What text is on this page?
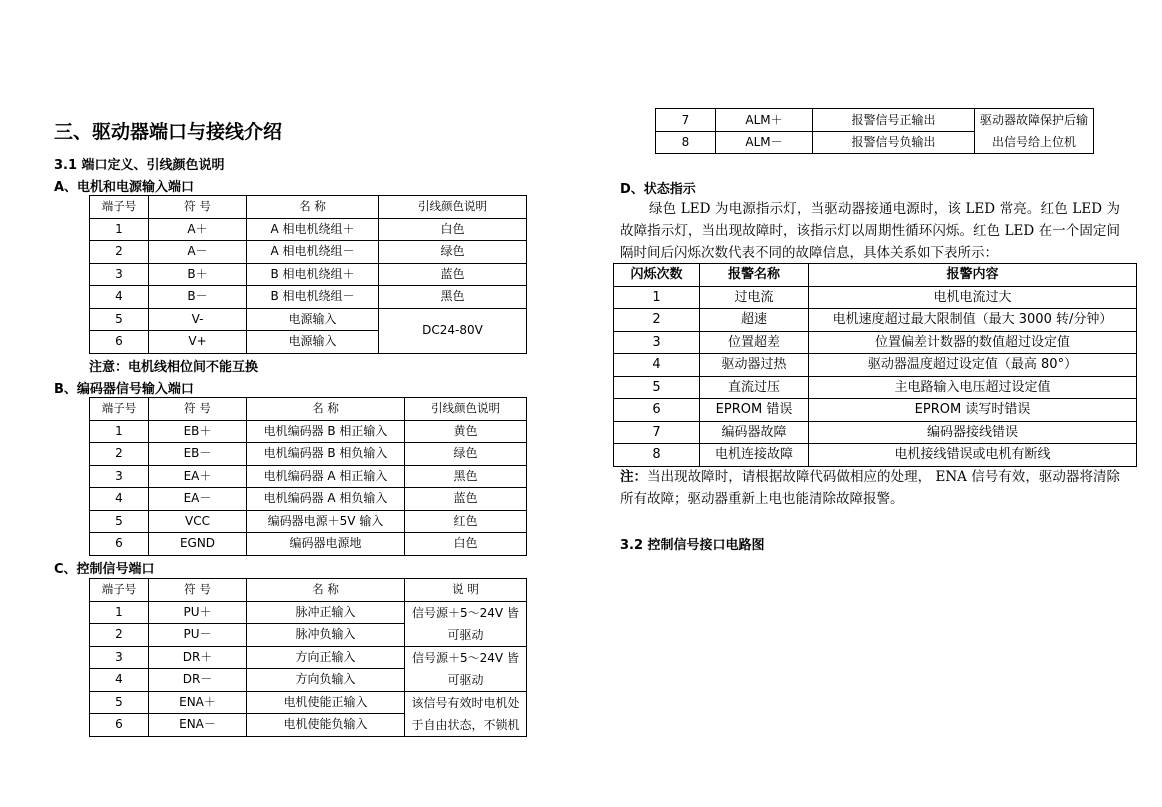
三、驱动器端口与接线介绍
3.1 端口定义、引线颜色说明
A、电机和电源输入端口
端子号	符 号	名 称	引线颜色说明
1	A＋	A 相电机绕组＋	白色
2	A－	A 相电机绕组－	绿色
3	B＋	B 相电机绕组＋	蓝色
4	B－	B 相电机绕组－	黑色
5	V-	电源输入	DC24-80V
6	V+	电源输入	
注意：电机线相位间不能互换
B、编码器信号输入端口
端子号	符 号	名 称	引线颜色说明
1	EB＋	电机编码器 B 相正输入	黄色
2	EB－	电机编码器 B 相负输入	绿色
3	EA＋	电机编码器 A 相正输入	黑色
4	EA－	电机编码器 A 相负输入	蓝色
5	VCC	编码器电源＋5V 输入	红色
6	EGND	编码器电源地	白色
C、控制信号端口
端子号	符 号	名 称	说 明
1	PU＋	脉冲正输入	信号源＋5～24V 皆
可驱动
2	PU－	脉冲负输入	
3	DR＋	方向正输入	信号源＋5～24V 皆
可驱动
4	DR－	方向负输入	
5	ENA＋	电机使能正输入	该信号有效时电机处
于自由状态，不锁机
6	ENA－	电机使能负输入	
7	ALM＋	报警信号正输出	驱动器故障保护后输
出信号给上位机
8	ALM－	报警信号负输出	
D、状态指示
绿色 LED 为电源指示灯，当驱动器接通电源时，该 LED 常亮。红色 LED 为故障指示灯，当出现故障时，该指示灯以周期性循环闪烁。红色 LED 在一个固定间隔时间后闪烁次数代表不同的故障信息，具体关系如下表所示：
闪烁次数	报警名称	报警内容
1	过电流	电机电流过大
2	超速	电机速度超过最大限制值（最大 3000 转/分钟）
3	位置超差	位置偏差计数器的数值超过设定值
4	驱动器过热	驱动器温度超过设定值（最高 80°）
5	直流过压	主电路输入电压超过设定值
6	EPROM 错误	EPROM 读写时错误
7	编码器故障	编码器接线错误
8	电机连接故障	电机接线错误或电机有断线
注：当出现故障时，请根据故障代码做相应的处理， ENA 信号有效，驱动器将清除所有故障；驱动器重新上电也能清除故障报警。
3.2 控制信号接口电路图
